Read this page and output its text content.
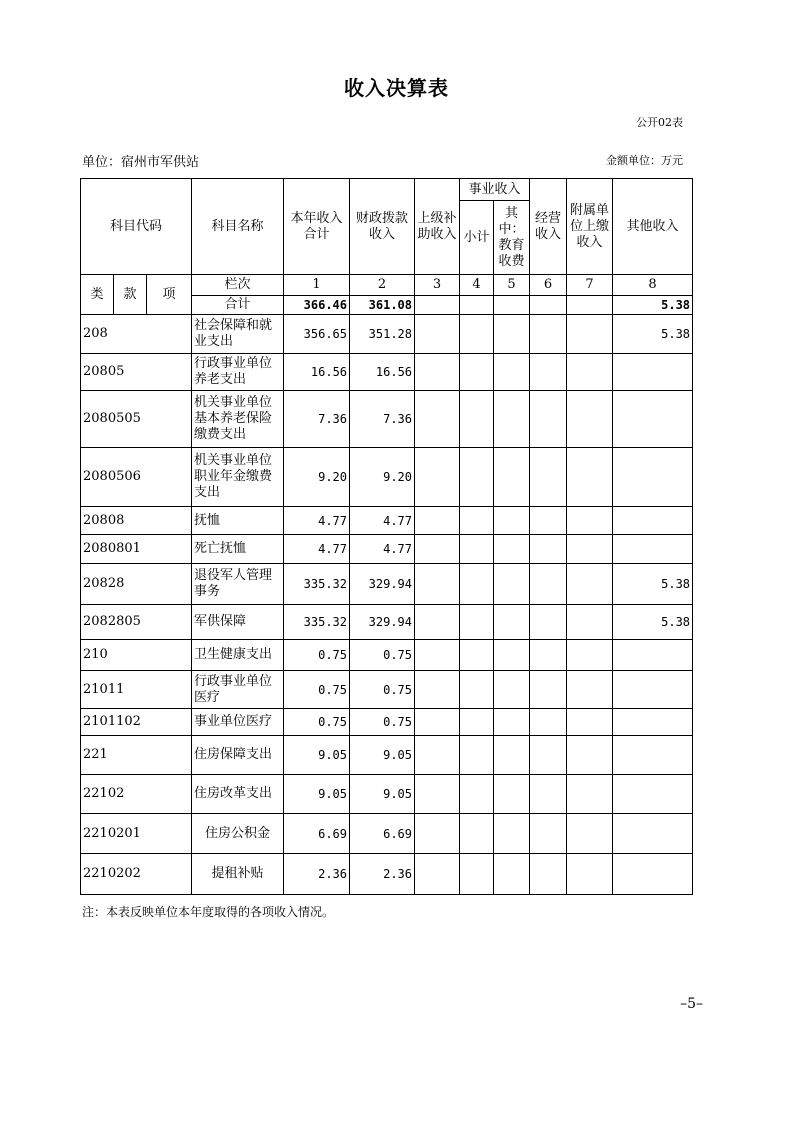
收入决算表
公开02表
单位：宿州市军供站	金额单位：万元
科目代码			科目名称	本年收入合计	财政拨款收入	上级补助收入	事业收入		经营收入	附属单位上缴收入	其他收入
							小计	其中：教育收费			

类	款	项	栏次	1	2	3	4	5	6	7	8
			合计	366.46	361.08						5.38
208			社会保障和就业支出	356.65	351.28						5.38
20805			行政事业单位养老支出	16.56	16.56						
2080505			机关事业单位基本养老保险缴费支出	7.36	7.36						
2080506			机关事业单位职业年金缴费支出	9.20	9.20						
20808			抚恤	4.77	4.77						
2080801			死亡抚恤	4.77	4.77						
20828			退役军人管理事务	335.32	329.94						5.38
2082805			军供保障	335.32	329.94						5.38
210			卫生健康支出	0.75	0.75						
21011			行政事业单位医疗	0.75	0.75						
2101102			事业单位医疗	0.75	0.75						
221			住房保障支出	9.05	9.05						
22102			住房改革支出	9.05	9.05						
2210201			住房公积金	6.69	6.69						
2210202			提租补贴	2.36	2.36						
注：本表反映单位本年度取得的各项收入情况。
–5–
